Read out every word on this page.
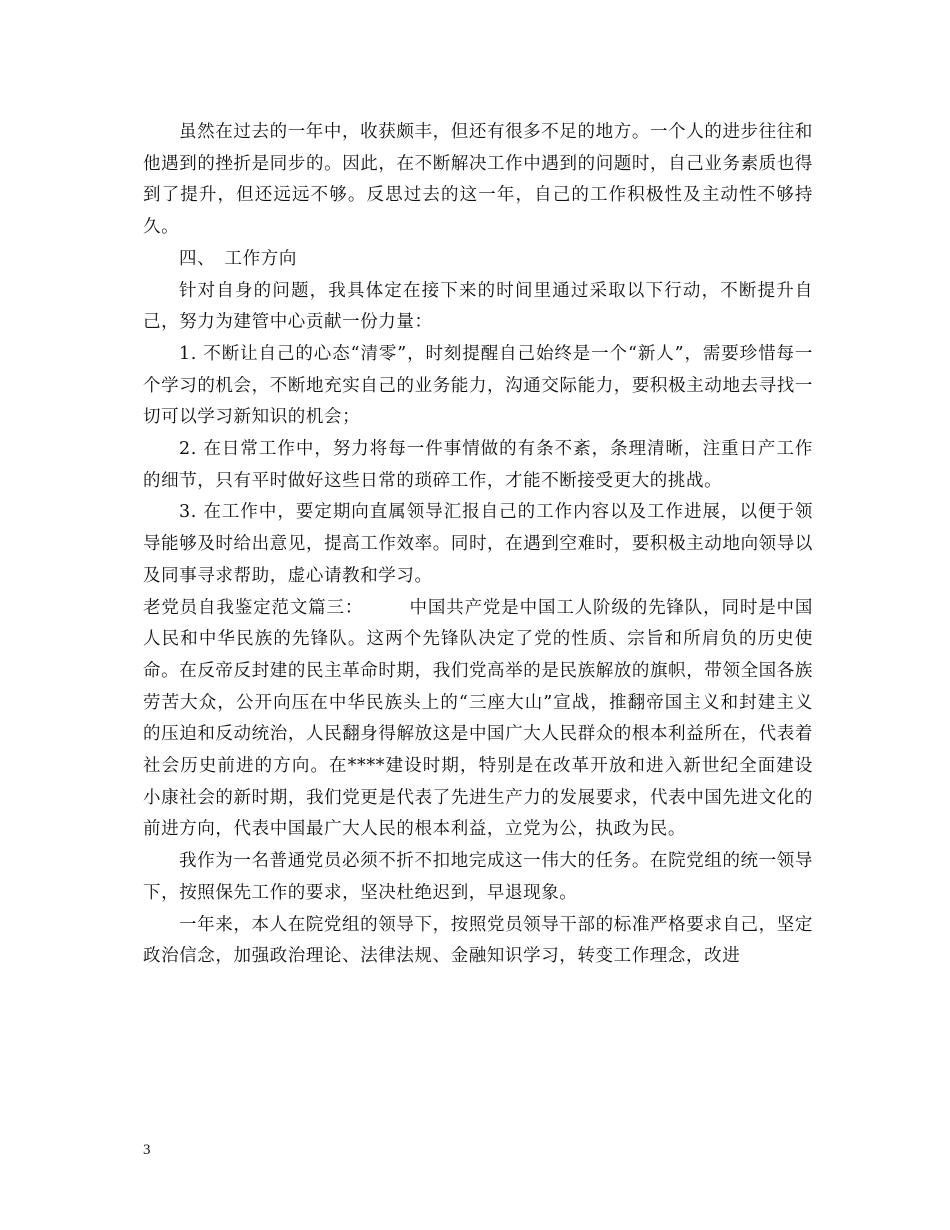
虽然在过去的一年中，收获颇丰，但还有很多不足的地方。一个人的进步往往和他遇到的挫折是同步的。因此，在不断解决工作中遇到的问题时，自己业务素质也得到了提升，但还远远不够。反思过去的这一年，自己的工作积极性及主动性不够持久。

四、　工作方向

针对自身的问题，我具体定在接下来的时间里通过采取以下行动，不断提升自己，努力为建管中心贡献一份力量：

1. 不断让自己的心态“清零”，时刻提醒自己始终是一个“新人”，需要珍惜每一个学习的机会，不断地充实自己的业务能力，沟通交际能力，要积极主动地去寻找一切可以学习新知识的机会；

2. 在日常工作中，努力将每一件事情做的有条不紊，条理清晰，注重日产工作的细节，只有平时做好这些日常的琐碎工作，才能不断接受更大的挑战。

3. 在工作中，要定期向直属领导汇报自己的工作内容以及工作进展，以便于领导能够及时给出意见，提高工作效率。同时，在遇到空难时，要积极主动地向领导以及同事寻求帮助，虚心请教和学习。

老党员自我鉴定范文篇三：　　　中国共产党是中国工人阶级的先锋队，同时是中国人民和中华民族的先锋队。这两个先锋队决定了党的性质、宗旨和所肩负的历史使命。在反帝反封建的民主革命时期，我们党高举的是民族解放的旗帜，带领全国各族劳苦大众，公开向压在中华民族头上的“三座大山”宣战，推翻帝国主义和封建主义的压迫和反动统治，人民翻身得解放这是中国广大人民群众的根本利益所在，代表着社会历史前进的方向。在****建设时期，特别是在改革开放和进入新世纪全面建设小康社会的新时期，我们党更是代表了先进生产力的发展要求，代表中国先进文化的前进方向，代表中国最广大人民的根本利益，立党为公，执政为民。

我作为一名普通党员必须不折不扣地完成这一伟大的任务。在院党组的统一领导下，按照保先工作的要求，坚决杜绝迟到，早退现象。

一年来，本人在院党组的领导下，按照党员领导干部的标准严格要求自己，坚定政治信念，加强政治理论、法律法规、金融知识学习，转变工作理念，改进

3
